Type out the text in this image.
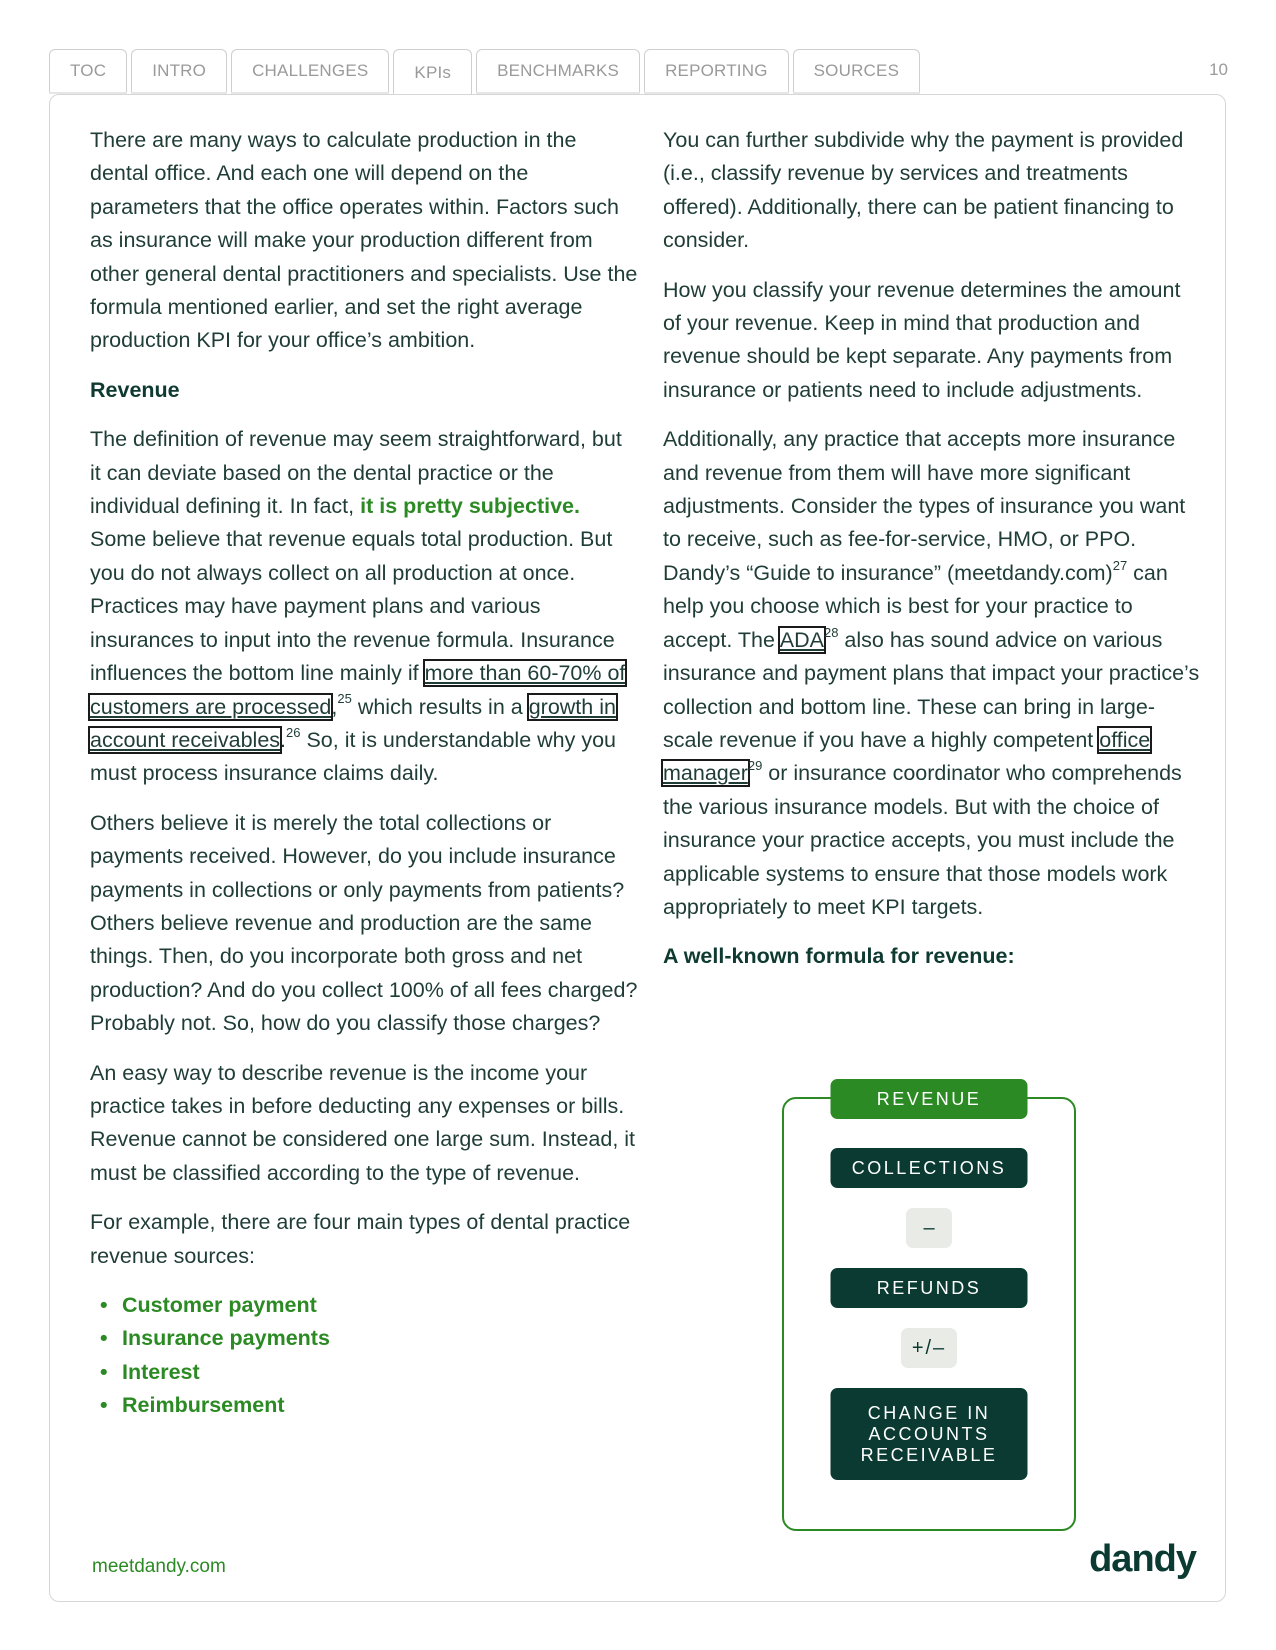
TOC	INTRO	CHALLENGES	KPIs	BENCHMARKS	REPORTING	SOURCES	10

There are many ways to calculate production in the dental office. And each one will depend on the parameters that the office operates within. Factors such as insurance will make your production different from other general dental practitioners and specialists. Use the formula mentioned earlier, and set the right average production KPI for your office’s ambition.

Revenue

The definition of revenue may seem straightforward, but it can deviate based on the dental practice or the individual defining it. In fact, it is pretty subjective. Some believe that revenue equals total production. But you do not always collect on all production at once. Practices may have payment plans and various insurances to input into the revenue formula. Insurance influences the bottom line mainly if more than 60-70% of customers are processed,$^{25}$ which results in a growth in account receivables.$^{26}$ So, it is understandable why you must process insurance claims daily.

Others believe it is merely the total collections or payments received. However, do you include insurance payments in collections or only payments from patients? Others believe revenue and production are the same things. Then, do you incorporate both gross and net production? And do you collect 100% of all fees charged? Probably not. So, how do you classify those charges?

An easy way to describe revenue is the income your practice takes in before deducting any expenses or bills. Revenue cannot be considered one large sum. Instead, it must be classified according to the type of revenue.

For example, there are four main types of dental practice revenue sources:

• Customer payment
• Insurance payments
• Interest
• Reimbursement

You can further subdivide why the payment is provided (i.e., classify revenue by services and treatments offered). Additionally, there can be patient financing to consider.

How you classify your revenue determines the amount of your revenue. Keep in mind that production and revenue should be kept separate. Any payments from insurance or patients need to include adjustments.

Additionally, any practice that accepts more insurance and revenue from them will have more significant adjustments. Consider the types of insurance you want to receive, such as fee-for-service, HMO, or PPO. Dandy’s “Guide to insurance” (meetdandy.com)$^{27}$ can help you choose which is best for your practice to accept. The ADA$^{28}$ also has sound advice on various insurance and payment plans that impact your practice’s collection and bottom line. These can bring in large-scale revenue if you have a highly competent office manager$^{29}$ or insurance coordinator who comprehends the various insurance models. But with the choice of insurance your practice accepts, you must include the applicable systems to ensure that those models work appropriately to meet KPI targets.

A well-known formula for revenue:
REVENUE
COLLECTIONS
–
REFUNDS
+/–
CHANGE IN
ACCOUNTS
RECEIVABLE
meetdandy.com	dandy
